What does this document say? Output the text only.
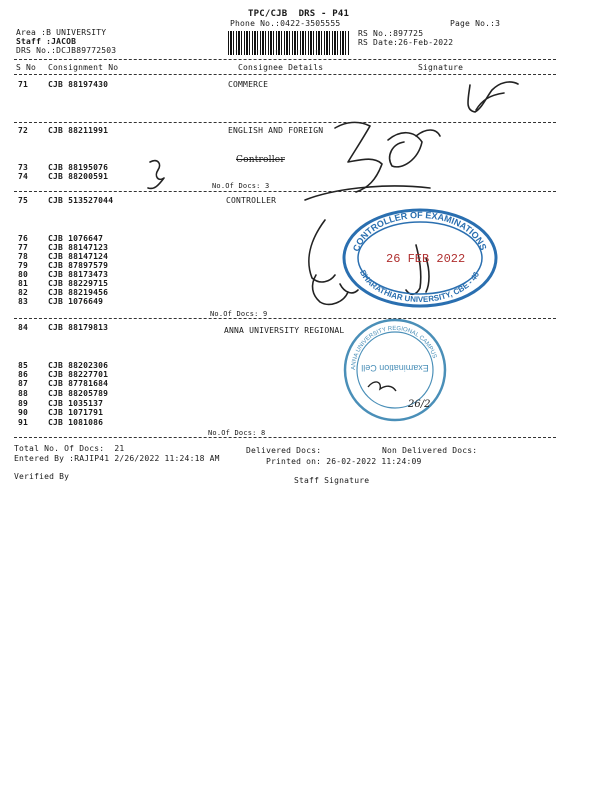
TPC/CJB  DRS - P41
Phone No.:0422-3505555	Page No.:3
Area :B UNIVERSITY
Staff :JACOB
DRS No.:DCJB89772503
RS No.:897725
RS Date:26-Feb-2022
S No Consignment No	Consignee Details	Signature
71 CJB 88197430	COMMERCE
72 CJB 88211991	ENGLISH AND FOREIGN
73 CJB 88195076
Controller
74 CJB 88200591
No.Of Docs: 3
75 CJB 513527044	CONTROLLER
76 CJB 1076647
77 CJB 88147123
78 CJB 88147124
79 CJB 87897579
80 CJB 88173473
81 CJB 88229715
82 CJB 88219456
83 CJB 1076649
No.Of Docs: 9
84 CJB 88179813	ANNA UNIVERSITY REGIONAL
85 CJB 88202306
86 CJB 88227701
87 CJB 87781684
88 CJB 88205789
89 CJB 1035137
90 CJB 1071791
91 CJB 1081086
No.Of Docs: 8
Total No. Of Docs:  21	Delivered Docs:	Non Delivered Docs:
Entered By :RAJIP41 2/26/2022 11:24:18 AM	Printed on: 26-02-2022 11:24:09
Verified By	Staff Signature
CONTROLLER OF EXAMINATIONS
BHARATHIAR UNIVERSITY, CBE - 46
26 FEB 2022
ANNA UNIVERSITY REGIONAL CAMPUS
Examination Cell
26/2
